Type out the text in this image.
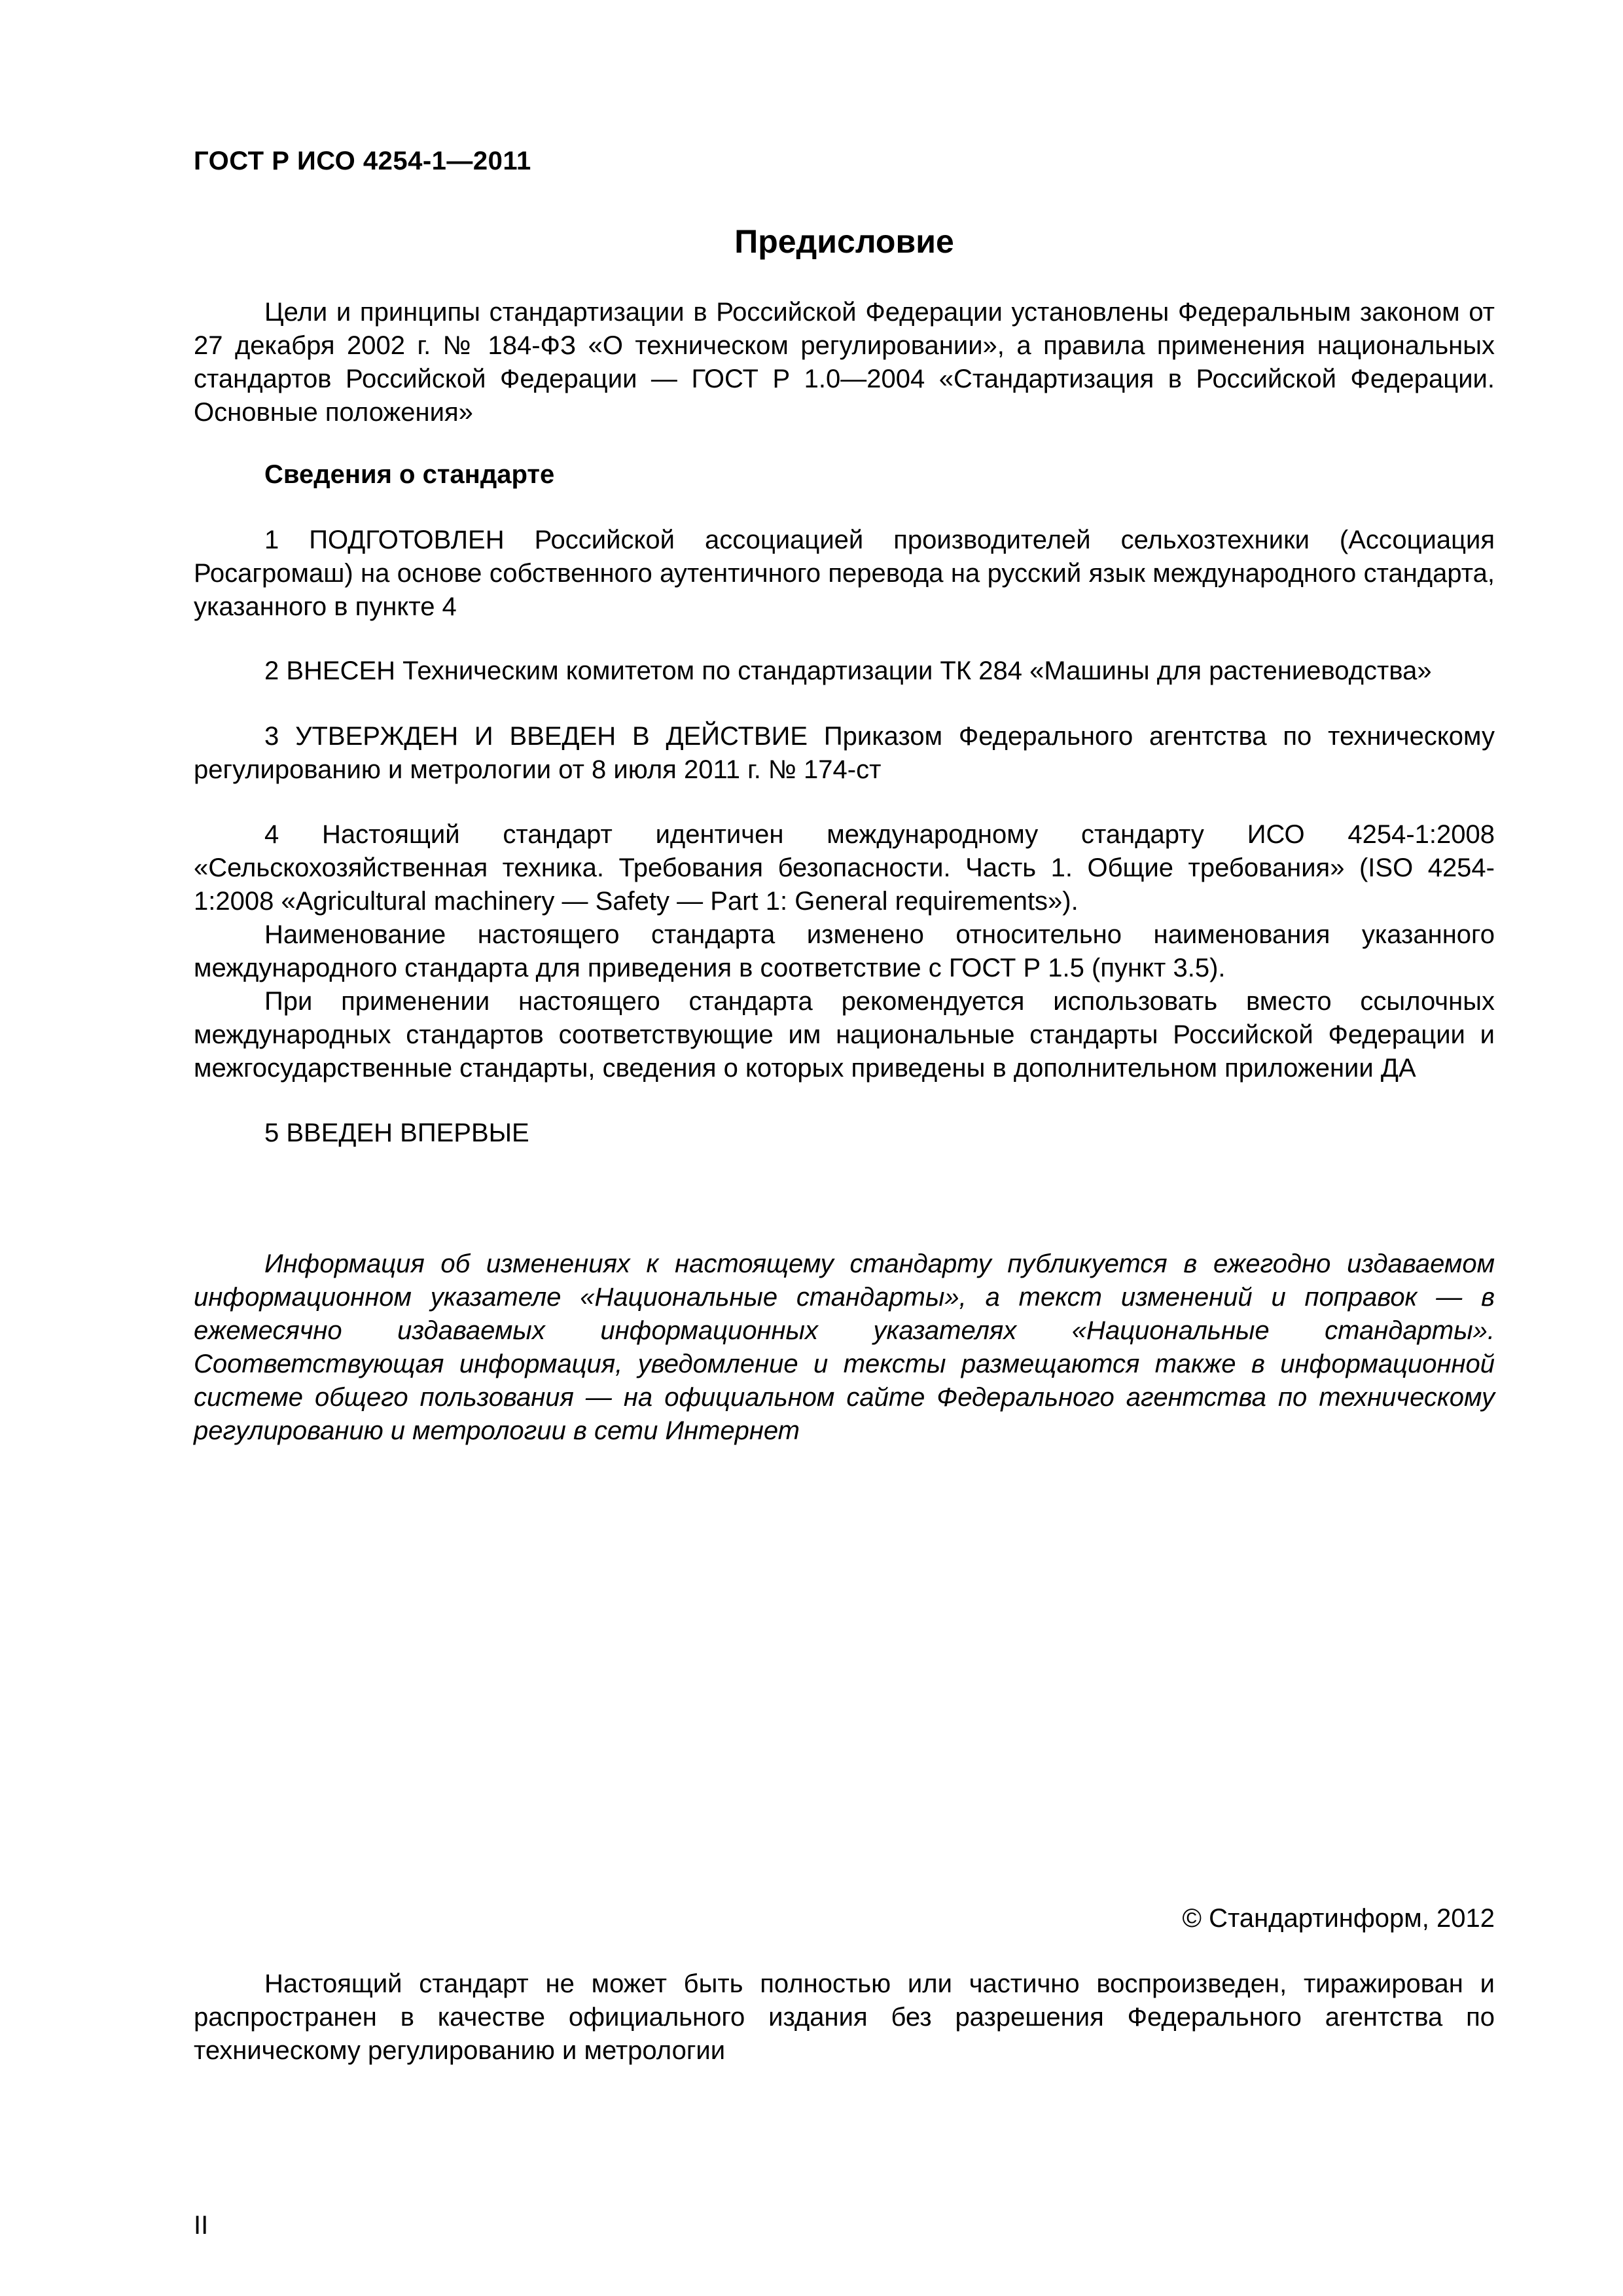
ГОСТ Р ИСО 4254-1—2011
Предисловие

Цели и принципы стандартизации в Российской Федерации установлены Федеральным законом от 27 декабря 2002 г. № 184-ФЗ «О техническом регулировании», а правила применения национальных стандартов Российской Федерации — ГОСТ Р 1.0—2004 «Стандартизация в Российской Федерации. Основные положения»

Сведения о стандарте

1 ПОДГОТОВЛЕН Российской ассоциацией производителей сельхозтехники (Ассоциация Росагромаш) на основе собственного аутентичного перевода на русский язык международного стандарта, указанного в пункте 4

2 ВНЕСЕН Техническим комитетом по стандартизации ТК 284 «Машины для растениеводства»

3 УТВЕРЖДЕН И ВВЕДЕН В ДЕЙСТВИЕ Приказом Федерального агентства по техническому регулированию и метрологии от 8 июля 2011 г. № 174-ст

4 Настоящий стандарт идентичен международному стандарту ИСО 4254-1:2008 «Сельскохозяйственная техника. Требования безопасности. Часть 1. Общие требования» (ISO 4254-1:2008 «Agricultural machinery — Safety — Part 1: General requirements»).

Наименование настоящего стандарта изменено относительно наименования указанного международного стандарта для приведения в соответствие с ГОСТ Р 1.5 (пункт 3.5).

При применении настоящего стандарта рекомендуется использовать вместо ссылочных международных стандартов соответствующие им национальные стандарты Российской Федерации и межгосударственные стандарты, сведения о которых приведены в дополнительном приложении ДА

5 ВВЕДЕН ВПЕРВЫЕ

Информация об изменениях к настоящему стандарту публикуется в ежегодно издаваемом информационном указателе «Национальные стандарты», а текст изменений и поправок — в ежемесячно издаваемых информационных указателях «Национальные стандарты». Соответствующая информация, уведомление и тексты размещаются также в информационной системе общего пользования — на официальном сайте Федерального агентства по техническому регулированию и метрологии в сети Интернет

© Стандартинформ, 2012

Настоящий стандарт не может быть полностью или частично воспроизведен, тиражирован и распространен в качестве официального издания без разрешения Федерального агентства по техническому регулированию и метрологии

II
